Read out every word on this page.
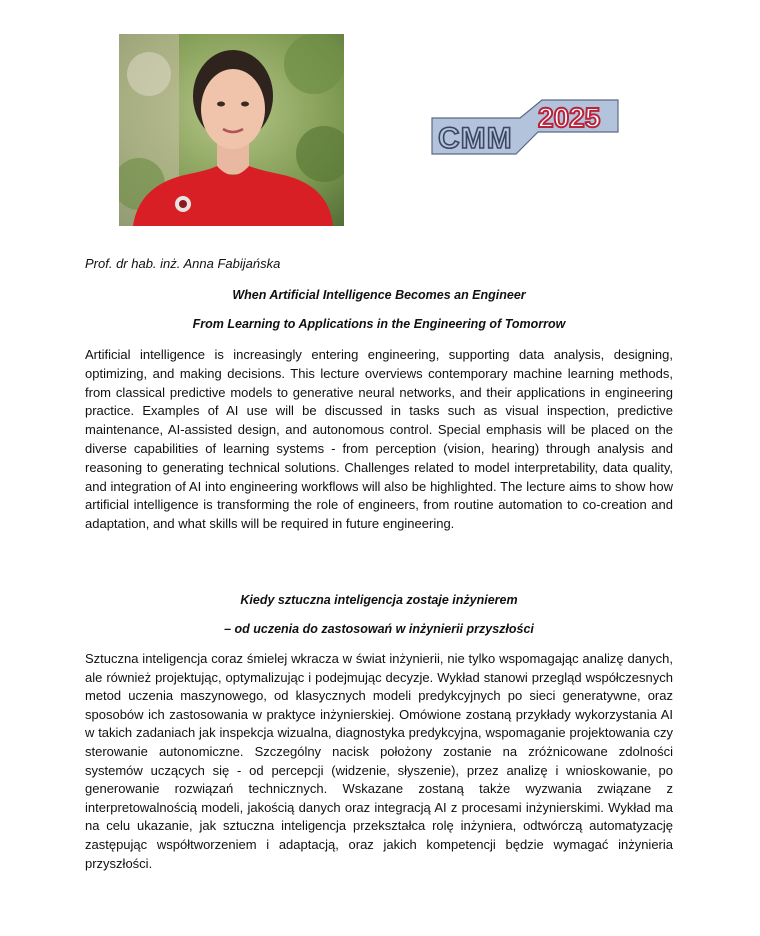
CMM
2025
Prof. dr hab. inż. Anna Fabijańska
When Artificial Intelligence Becomes an Engineer
From Learning to Applications in the Engineering of Tomorrow

Artificial intelligence is increasingly entering engineering, supporting data analysis, designing, optimizing, and making decisions. This lecture overviews contemporary machine learning methods, from classical predictive models to generative neural networks, and their applications in engineering practice. Examples of AI use will be discussed in tasks such as visual inspection, predictive maintenance, AI-assisted design, and autonomous control. Special emphasis will be placed on the diverse capabilities of learning systems - from perception (vision, hearing) through analysis and reasoning to generating technical solutions. Challenges related to model interpretability, data quality, and integration of AI into engineering workflows will also be highlighted. The lecture aims to show how artificial intelligence is transforming the role of engineers, from routine automation to co-creation and adaptation, and what skills will be required in future engineering.

Kiedy sztuczna inteligencja zostaje inżynierem
– od uczenia do zastosowań w inżynierii przyszłości

Sztuczna inteligencja coraz śmielej wkracza w świat inżynierii, nie tylko wspomagając analizę danych, ale również projektując, optymalizując i podejmując decyzje. Wykład stanowi przegląd współczesnych metod uczenia maszynowego, od klasycznych modeli predykcyjnych po sieci generatywne, oraz sposobów ich zastosowania w praktyce inżynierskiej. Omówione zostaną przykłady wykorzystania AI w takich zadaniach jak inspekcja wizualna, diagnostyka predykcyjna, wspomaganie projektowania czy sterowanie autonomiczne. Szczególny nacisk położony zostanie na zróżnicowane zdolności systemów uczących się - od percepcji (widzenie, słyszenie), przez analizę i wnioskowanie, po generowanie rozwiązań technicznych. Wskazane zostaną także wyzwania związane z interpretowalnością modeli, jakością danych oraz integracją AI z procesami inżynierskimi. Wykład ma na celu ukazanie, jak sztuczna inteligencja przekształca rolę inżyniera, odtwórczą automatyzację zastępując współtworzeniem i adaptacją, oraz jakich kompetencji będzie wymagać inżynieria przyszłości.
